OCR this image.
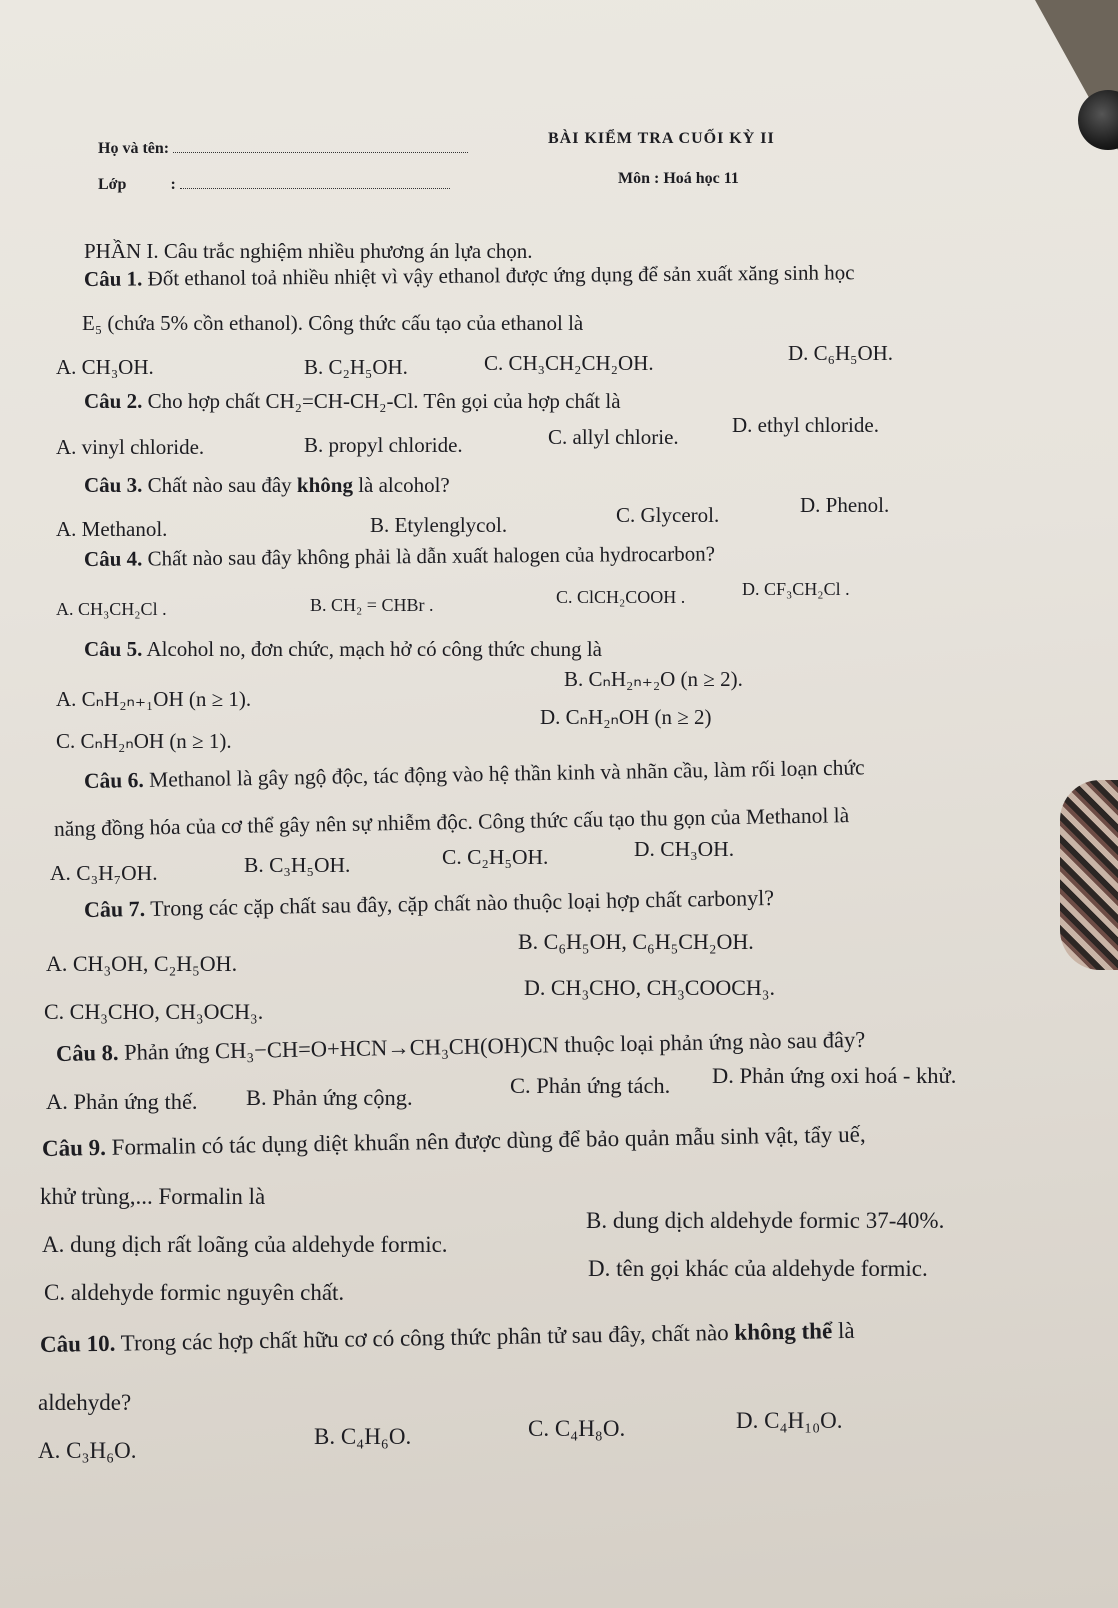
Họ và tên:
Lớp	:
BÀI KIỂM TRA CUỐI KỲ II
Môn : Hoá học 11
PHẦN I. Câu trắc nghiệm nhiều phương án lựa chọn.
Câu 1. Đốt ethanol toả nhiều nhiệt vì vậy ethanol được ứng dụng để sản xuất xăng sinh học
E₅ (chứa 5% cồn ethanol). Công thức cấu tạo của ethanol là
A. CH₃OH.	B. C₂H₅OH.	C. CH₃CH₂CH₂OH.	D. C₆H₅OH.
Câu 2. Cho hợp chất CH₂=CH-CH₂-Cl. Tên gọi của hợp chất là
A. vinyl chloride.	B. propyl chloride.	C. allyl chlorie.	D. ethyl chloride.
Câu 3. Chất nào sau đây không là alcohol?
A. Methanol.	B. Etylenglycol.	C. Glycerol.	D. Phenol.
Câu 4. Chất nào sau đây không phải là dẫn xuất halogen của hydrocarbon?
A. CH₃CH₂Cl .	B. CH₂ = CHBr .	C. ClCH₂COOH .	D. CF₃CH₂Cl .
Câu 5. Alcohol no, đơn chức, mạch hở có công thức chung là
A. CₙH₂ₙ₊₁OH (n ≥ 1).
B. CₙH₂ₙ₊₂O (n ≥ 2).
C. CₙH₂ₙOH (n ≥ 1).
D. CₙH₂ₙOH (n ≥ 2)
Câu 6. Methanol là gây ngộ độc, tác động vào hệ thần kinh và nhãn cầu, làm rối loạn chức
năng đồng hóa của cơ thể gây nên sự nhiễm độc. Công thức cấu tạo thu gọn của Methanol là
A. C₃H₇OH.	B. C₃H₅OH.	C. C₂H₅OH.	D. CH₃OH.
Câu 7. Trong các cặp chất sau đây, cặp chất nào thuộc loại hợp chất carbonyl?
A. CH₃OH, C₂H₅OH.
B. C₆H₅OH, C₆H₅CH₂OH.
C. CH₃CHO, CH₃OCH₃.
D. CH₃CHO, CH₃COOCH₃.
Câu 8. Phản ứng CH₃−CH=O+HCN→CH₃CH(OH)CN thuộc loại phản ứng nào sau đây?
A. Phản ứng thế. B. Phản ứng cộng.	C. Phản ứng tách. D. Phản ứng oxi hoá - khử.
Câu 9. Formalin có tác dụng diệt khuẩn nên được dùng để bảo quản mẫu sinh vật, tẩy uế,
khử trùng,... Formalin là
A. dung dịch rất loãng của aldehyde formic.
B. dung dịch aldehyde formic 37-40%.
C. aldehyde formic nguyên chất.
D. tên gọi khác của aldehyde formic.
Câu 10. Trong các hợp chất hữu cơ có công thức phân tử sau đây, chất nào không thể là
aldehyde?
A. C₃H₆O.
B. C₄H₆O.	C. C₄H₈O.	D. C₄H₁₀O.
